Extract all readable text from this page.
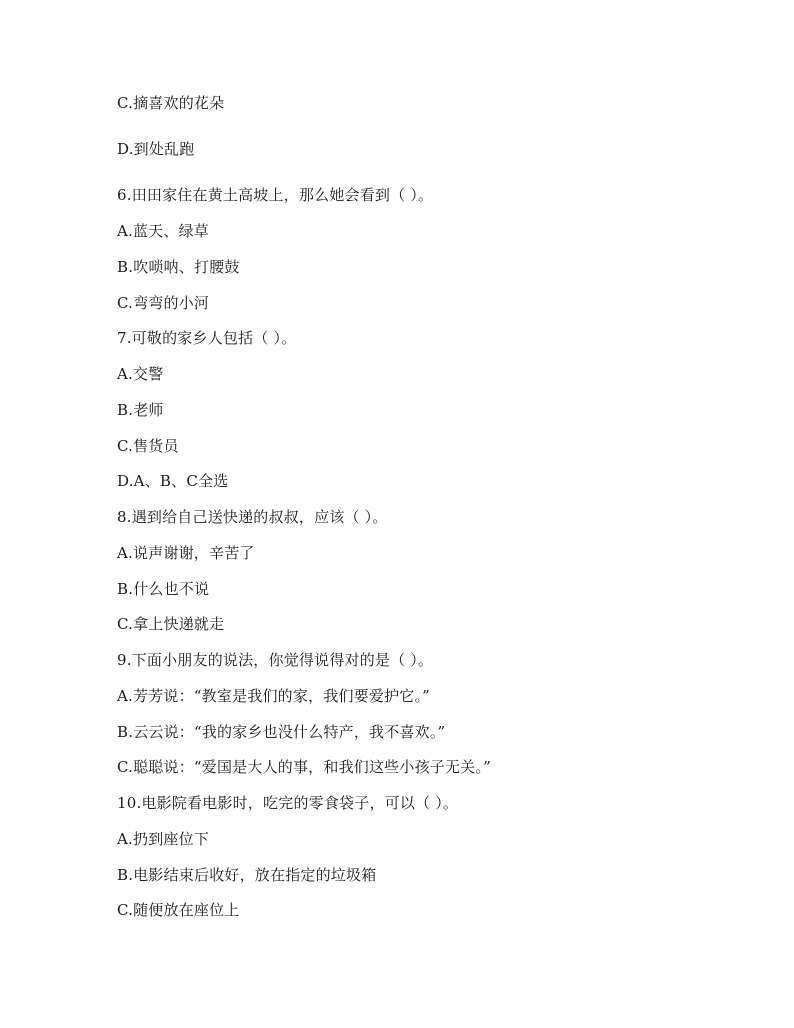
C.摘喜欢的花朵
D.到处乱跑
6.田田家住在黄土高坡上，那么她会看到（ ）。
A.蓝天、绿草
B.吹唢呐、打腰鼓
C.弯弯的小河
7.可敬的家乡人包括（ ）。
A.交警
B.老师
C.售货员
D.A、B、C全选
8.遇到给自己送快递的叔叔，应该（ ）。
A.说声谢谢，辛苦了
B.什么也不说
C.拿上快递就走
9.下面小朋友的说法，你觉得说得对的是（ ）。
A.芳芳说：“教室是我们的家，我们要爱护它。”
B.云云说：“我的家乡也没什么特产，我不喜欢。”
C.聪聪说：“爱国是大人的事，和我们这些小孩子无关。”
10.电影院看电影时，吃完的零食袋子，可以（ ）。
A.扔到座位下
B.电影结束后收好，放在指定的垃圾箱
C.随便放在座位上
